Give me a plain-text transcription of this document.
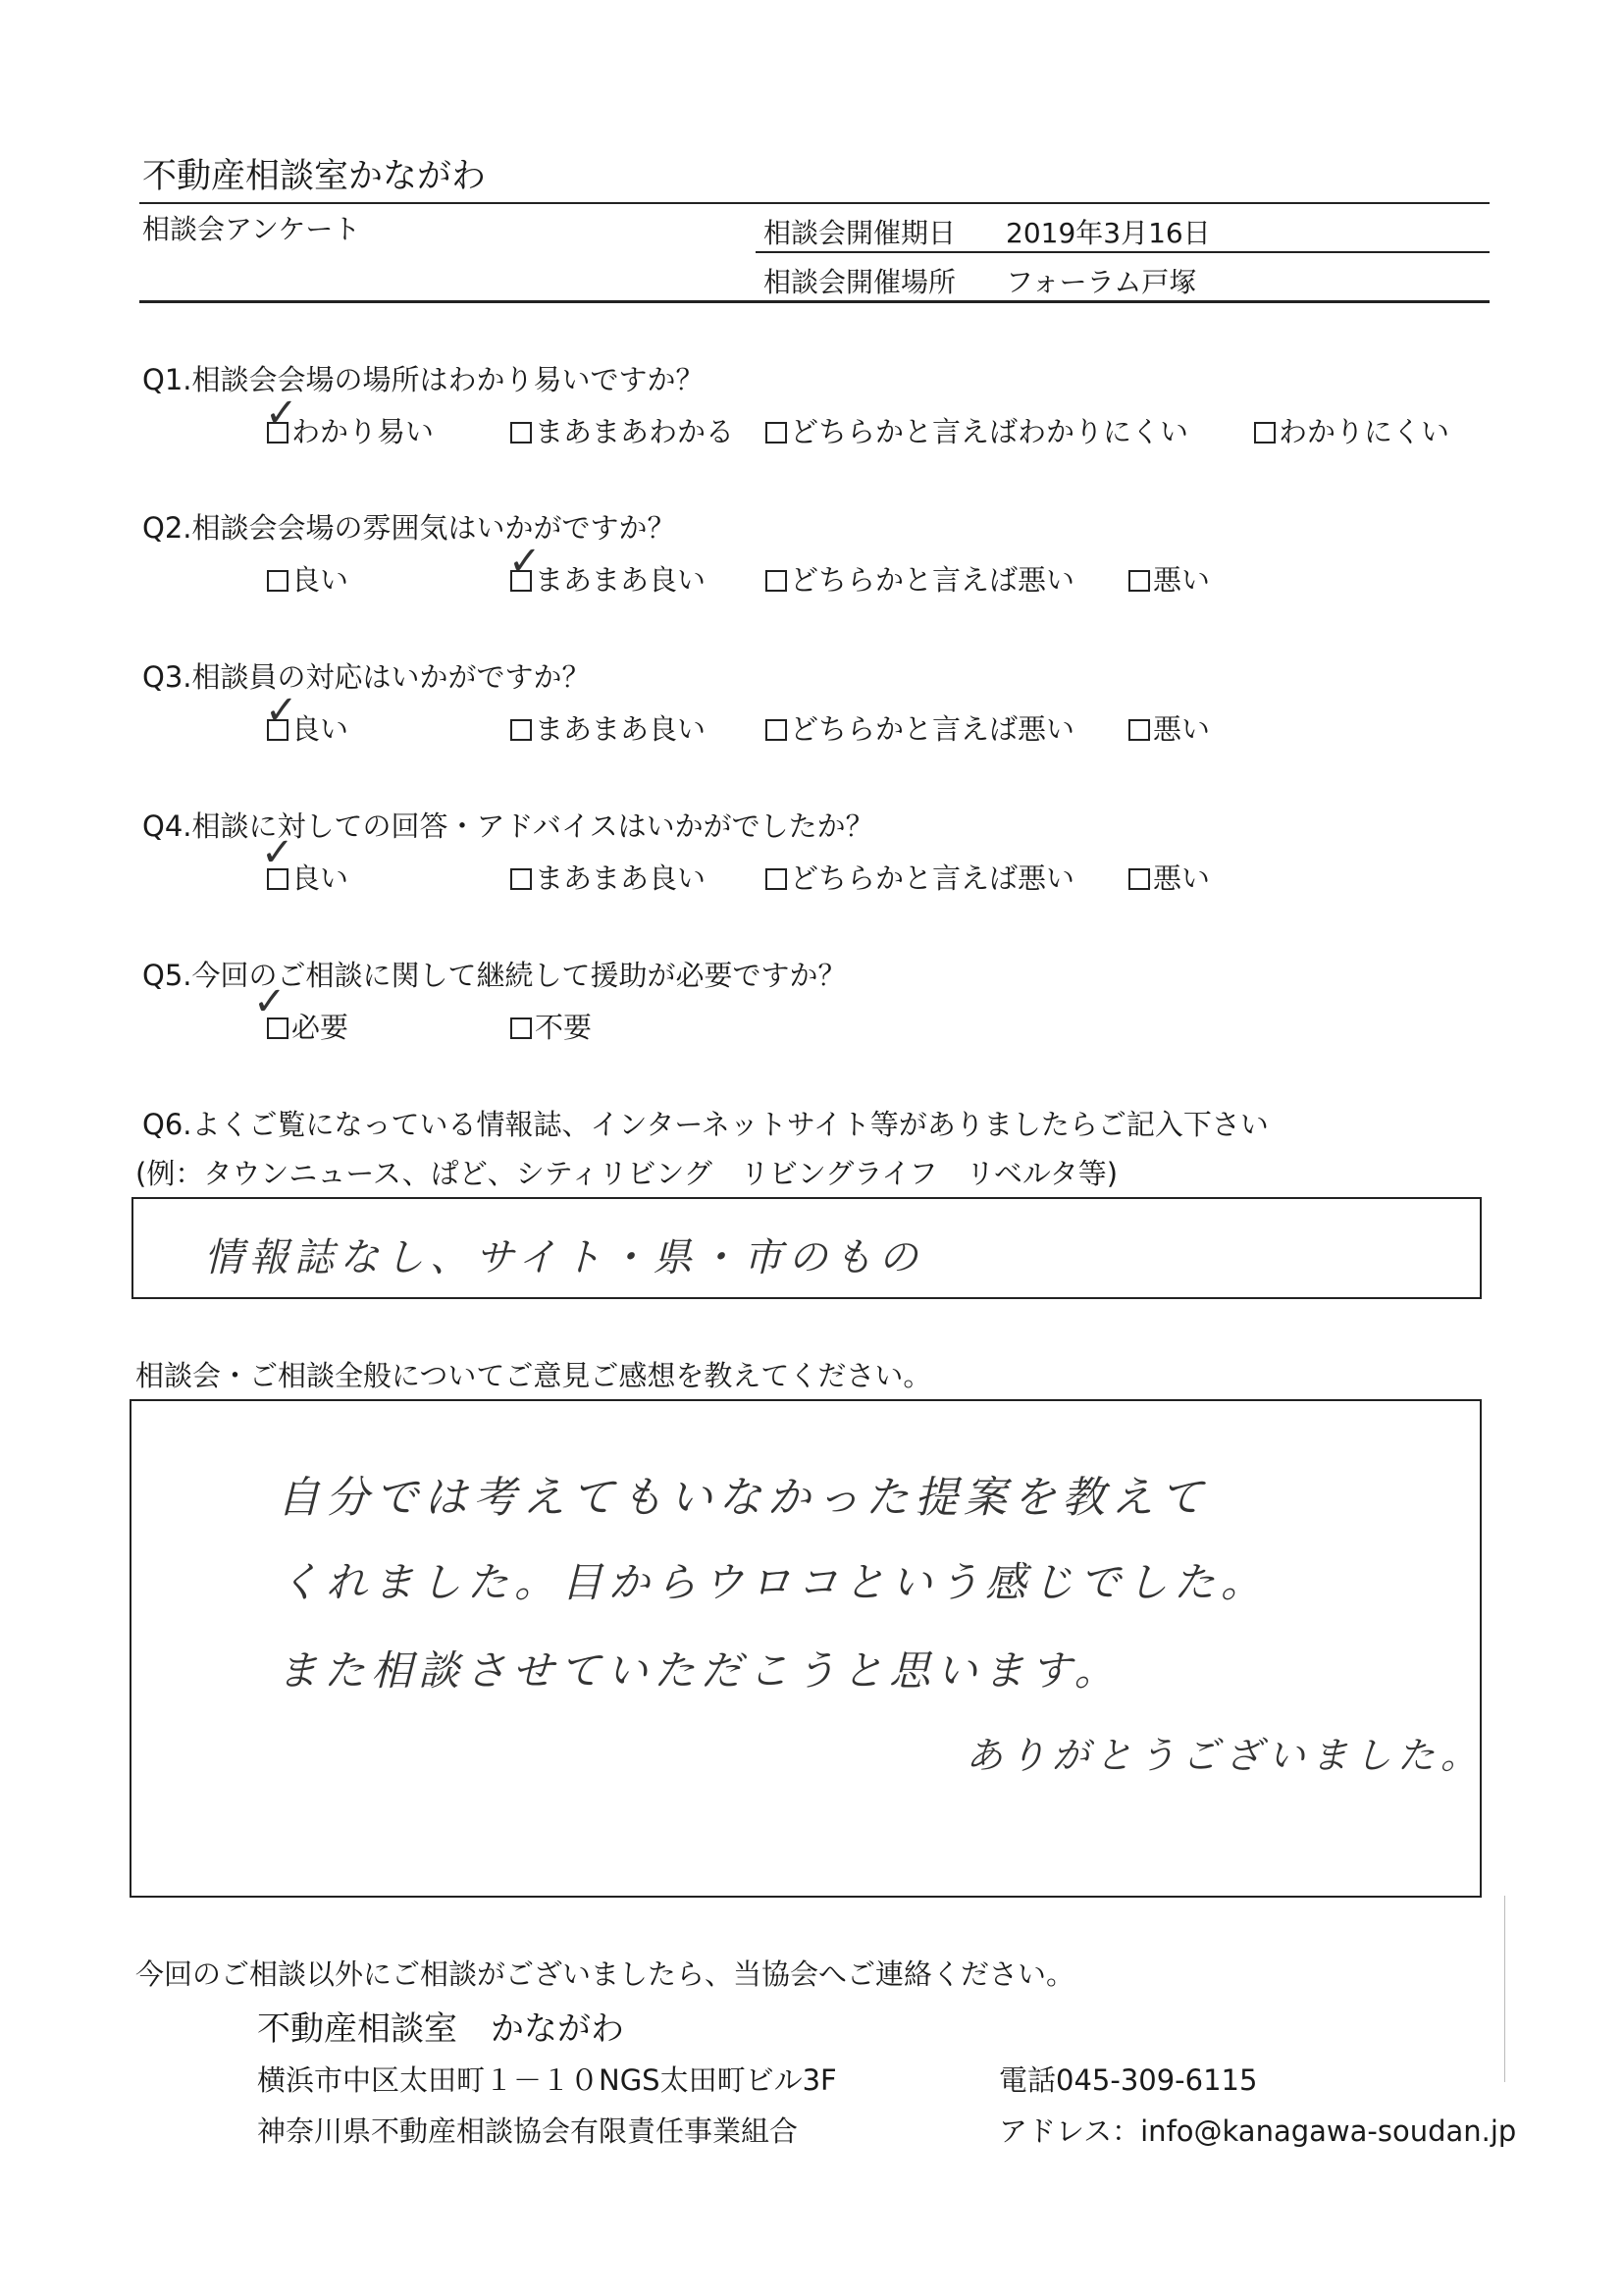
不動産相談室かながわ
相談会アンケート	相談会開催期日 2019年3月16日
相談会開催場所 フォーラム戸塚
Q1.相談会会場の場所はわかり易いですか？
わかり易い	まあまあわかる	どちらかと言えばわかりにくい	わかりにくい
✓
Q2.相談会会場の雰囲気はいかがですか？
良い	まあまあ良い	どちらかと言えば悪い	悪い
✓
Q3.相談員の対応はいかがですか？
良い	まあまあ良い	どちらかと言えば悪い	悪い
✓
Q4.相談に対しての回答・アドバイスはいかがでしたか？
良い	まあまあ良い	どちらかと言えば悪い	悪い
✓
Q5.今回のご相談に関して継続して援助が必要ですか？
必要	不要
✓
Q6.よくご覧になっている情報誌、インターネットサイト等がありましたらご記入下さい
(例：タウンニュース、ぱど、シティリビング　リビングライフ　リベルタ等)
情報誌なし、サイト・県・市のもの
相談会・ご相談全般についてご意見ご感想を教えてください。
自分では考えてもいなかった提案を教えて
くれました。目からウロコという感じでした。
また相談させていただこうと思います。
ありがとうございました。
今回のご相談以外にご相談がございましたら、当協会へご連絡ください。
不動産相談室　かながわ
横浜市中区太田町１－１０NGS太田町ビル3F	電話045-309-6115
神奈川県不動産相談協会有限責任事業組合	アドレス：info@kanagawa-soudan.jp
